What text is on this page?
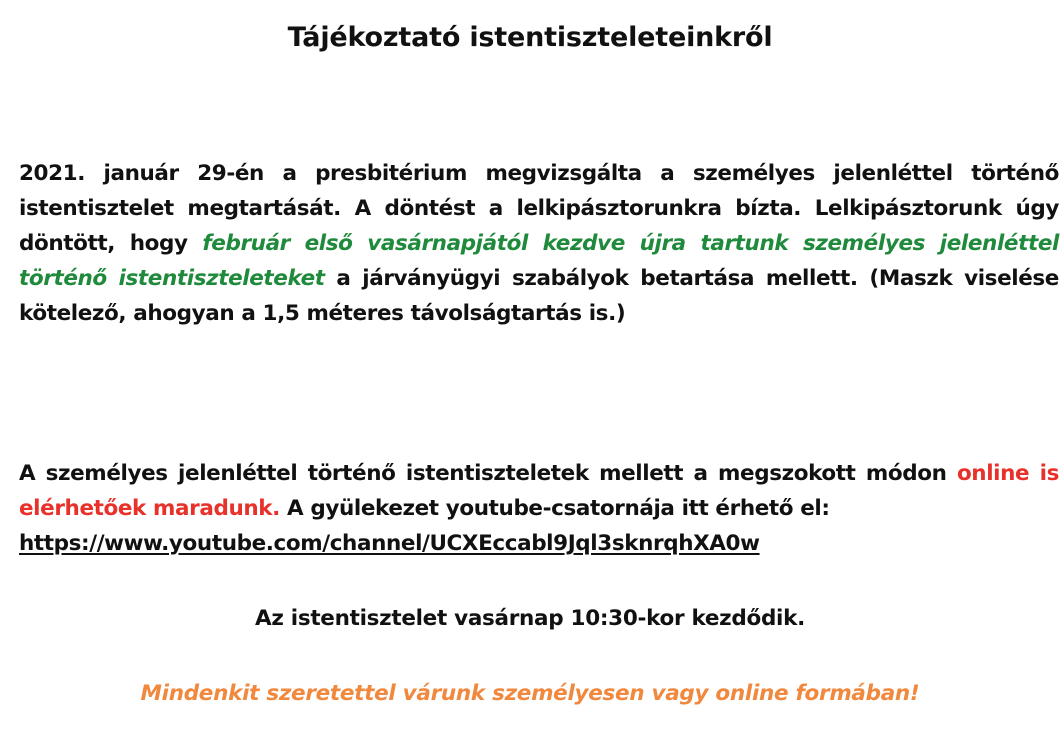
Tájékoztató istentiszteleteinkről

2021. január 29-én a presbitérium megvizsgálta a személyes jelenléttel történő istentisztelet megtartását. A döntést a lelkipásztorunkra bízta. Lelkipásztorunk úgy döntött, hogy február első vasárnapjától kezdve újra tartunk személyes jelenléttel történő istentiszteleteket a járványügyi szabályok betartása mellett. (Maszk viselése kötelező, ahogyan a 1,5 méteres távolságtartás is.)

A személyes jelenléttel történő istentiszteletek mellett a megszokott módon online is elérhetőek maradunk. A gyülekezet youtube-csatornája itt érhető el:
https://www.youtube.com/channel/UCXEccabl9Jql3sknrqhXA0w

Az istentisztelet vasárnap 10:30-kor kezdődik.
Mindenkit szeretettel várunk személyesen vagy online formában!
